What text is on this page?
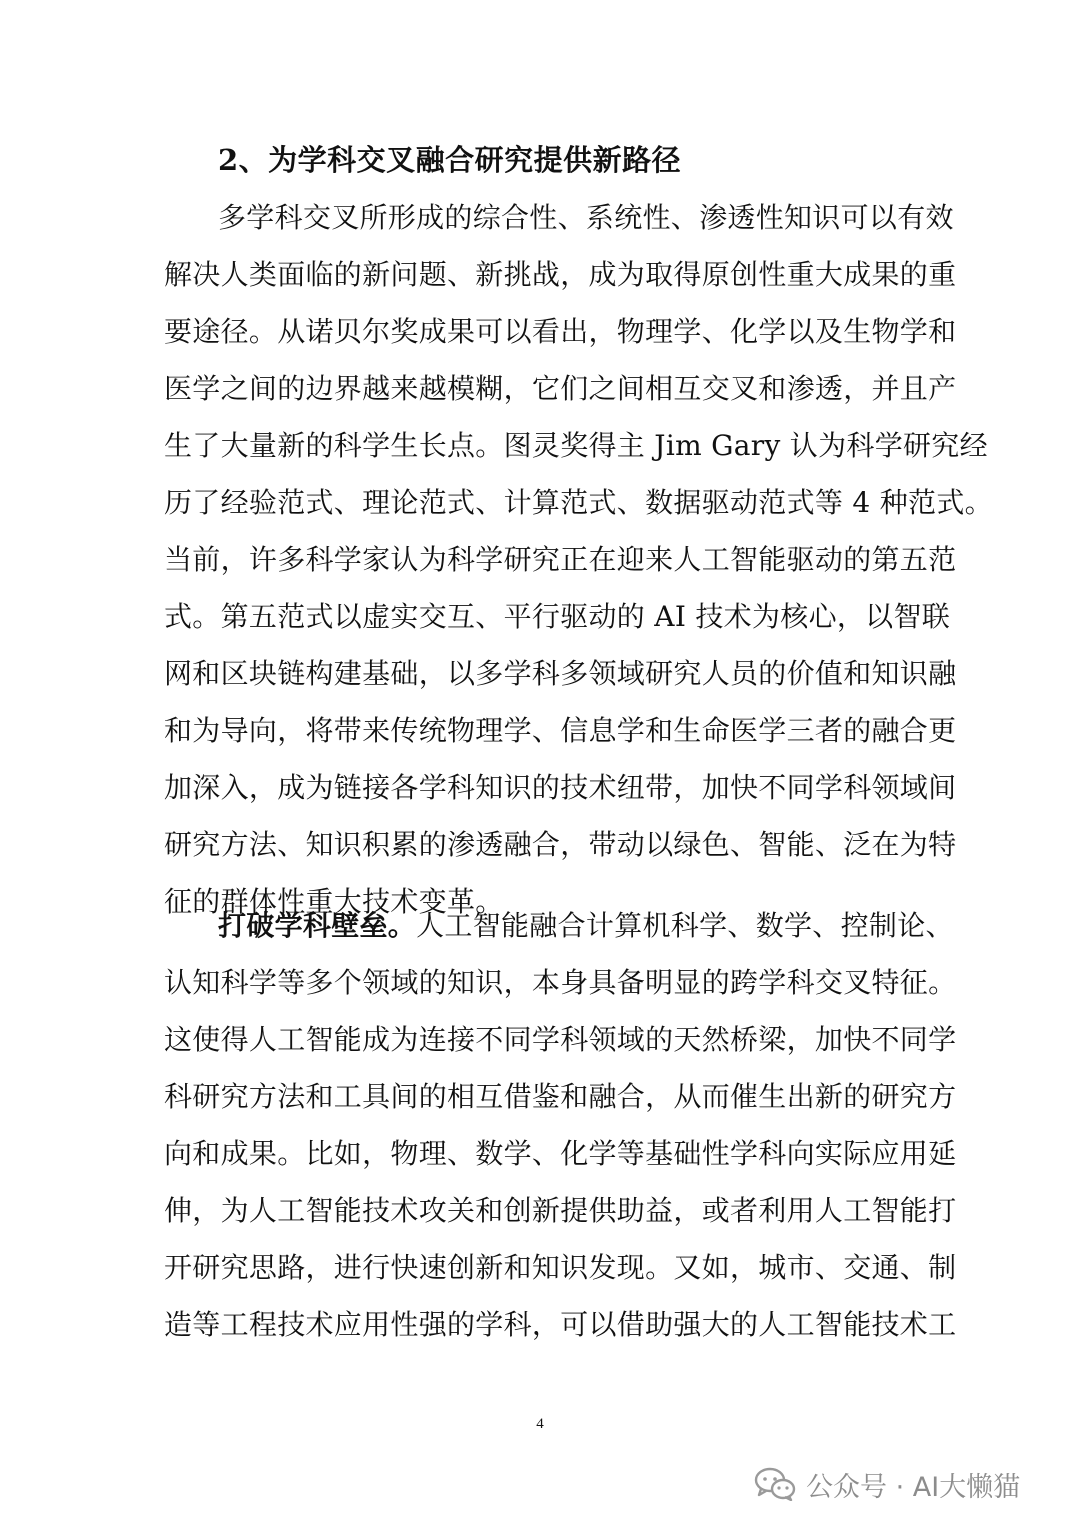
2、为学科交叉融合研究提供新路径
多学科交叉所形成的综合性、系统性、渗透性知识可以有效
解决人类面临的新问题、新挑战，成为取得原创性重大成果的重
要途径。从诺贝尔奖成果可以看出，物理学、化学以及生物学和
医学之间的边界越来越模糊，它们之间相互交叉和渗透，并且产
生了大量新的科学生长点。图灵奖得主 Jim Gary 认为科学研究经
历了经验范式、理论范式、计算范式、数据驱动范式等 4 种范式。
当前，许多科学家认为科学研究正在迎来人工智能驱动的第五范
式。第五范式以虚实交互、平行驱动的 AI 技术为核心，以智联
网和区块链构建基础，以多学科多领域研究人员的价值和知识融
和为导向，将带来传统物理学、信息学和生命医学三者的融合更
加深入，成为链接各学科知识的技术纽带，加快不同学科领域间
研究方法、知识积累的渗透融合，带动以绿色、智能、泛在为特
征的群体性重大技术变革。
打破学科壁垒。人工智能融合计算机科学、数学、控制论、
认知科学等多个领域的知识，本身具备明显的跨学科交叉特征。
这使得人工智能成为连接不同学科领域的天然桥梁，加快不同学
科研究方法和工具间的相互借鉴和融合，从而催生出新的研究方
向和成果。比如，物理、数学、化学等基础性学科向实际应用延
伸，为人工智能技术攻关和创新提供助益，或者利用人工智能打
开研究思路，进行快速创新和知识发现。又如，城市、交通、制
造等工程技术应用性强的学科，可以借助强大的人工智能技术工
4
公众号 · AI大懒猫
